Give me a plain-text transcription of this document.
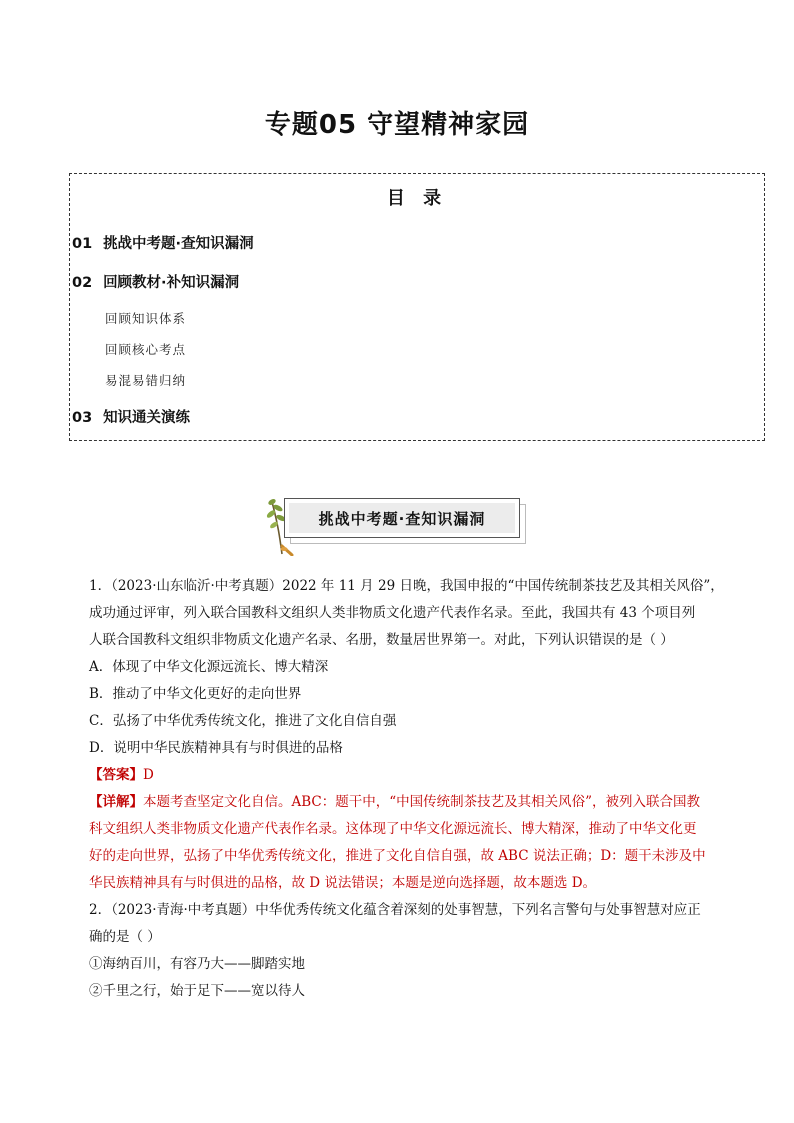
专题05 守望精神家园
目 录
01 挑战中考题·查知识漏洞
02 回顾教材·补知识漏洞
回顾知识体系
回顾核心考点
易混易错归纳
03 知识通关演练
挑战中考题·查知识漏洞
1．（2023·山东临沂·中考真题）2022 年 11 月 29 日晚，我国申报的“中国传统制茶技艺及其相关风俗”，
成功通过评审，列入联合国教科文组织人类非物质文化遗产代表作名录。至此，我国共有 43 个项目列
人联合国教科文组织非物质文化遗产名录、名册，数量居世界第一。对此，下列认识错误的是（ ）
A．体现了中华文化源远流长、博大精深
B．推动了中华文化更好的走向世界
C．弘扬了中华优秀传统文化，推进了文化自信自强
D．说明中华民族精神具有与时俱进的品格
【答案】D
【详解】本题考查坚定文化自信。ABC：题干中，“中国传统制茶技艺及其相关风俗”，被列入联合国教
科文组织人类非物质文化遗产代表作名录。这体现了中华文化源远流长、博大精深，推动了中华文化更
好的走向世界，弘扬了中华优秀传统文化，推进了文化自信自强，故 ABC 说法正确；D：题干未涉及中
华民族精神具有与时俱进的品格，故 D 说法错误；本题是逆向选择题，故本题选 D。
2．（2023·青海·中考真题）中华优秀传统文化蕴含着深刻的处事智慧，下列名言警句与处事智慧对应正
确的是（ ）
①海纳百川，有容乃大——脚踏实地
②千里之行，始于足下——宽以待人
